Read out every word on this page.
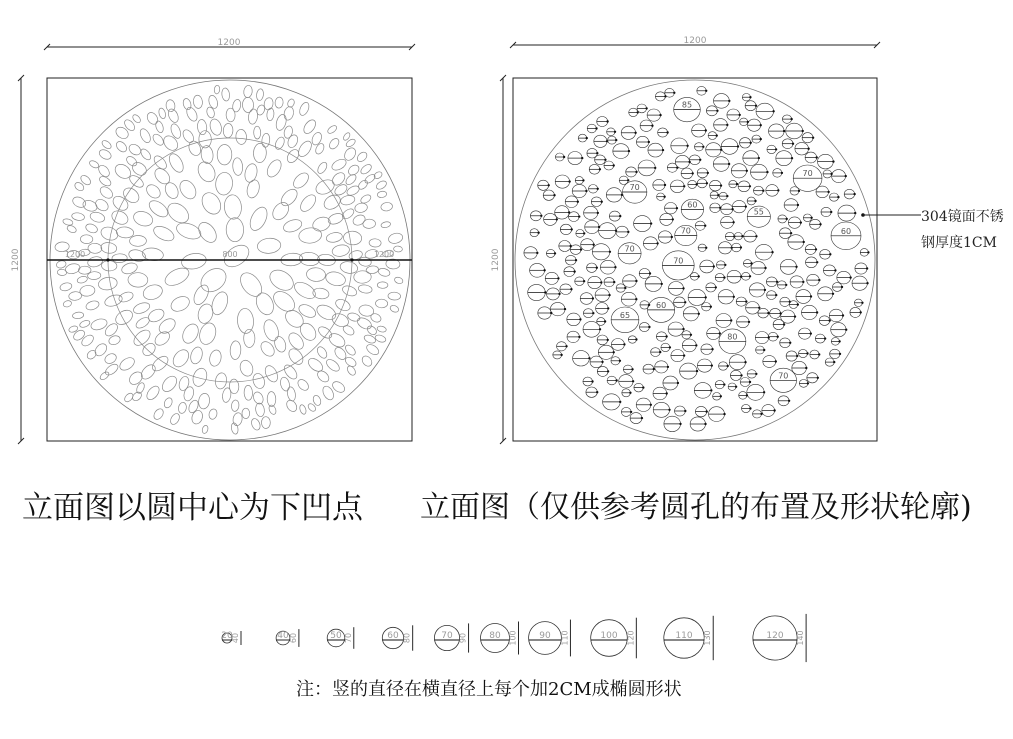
1200
1200	1200	800	1200
70
70
60
70
65
85
70
60
80
55
60
70
70
1200
1200
20
40	40 60	50 70	60 80	70 90 80 100 90 110	100 120	110 130	120 140
立面图以圆中心为下凹点 立面图（仅供参考圆孔的布置及形状轮廓)
304镜面不锈
钢厚度1CM
注：竖的直径在横直径上每个加2CM成椭圆形状
